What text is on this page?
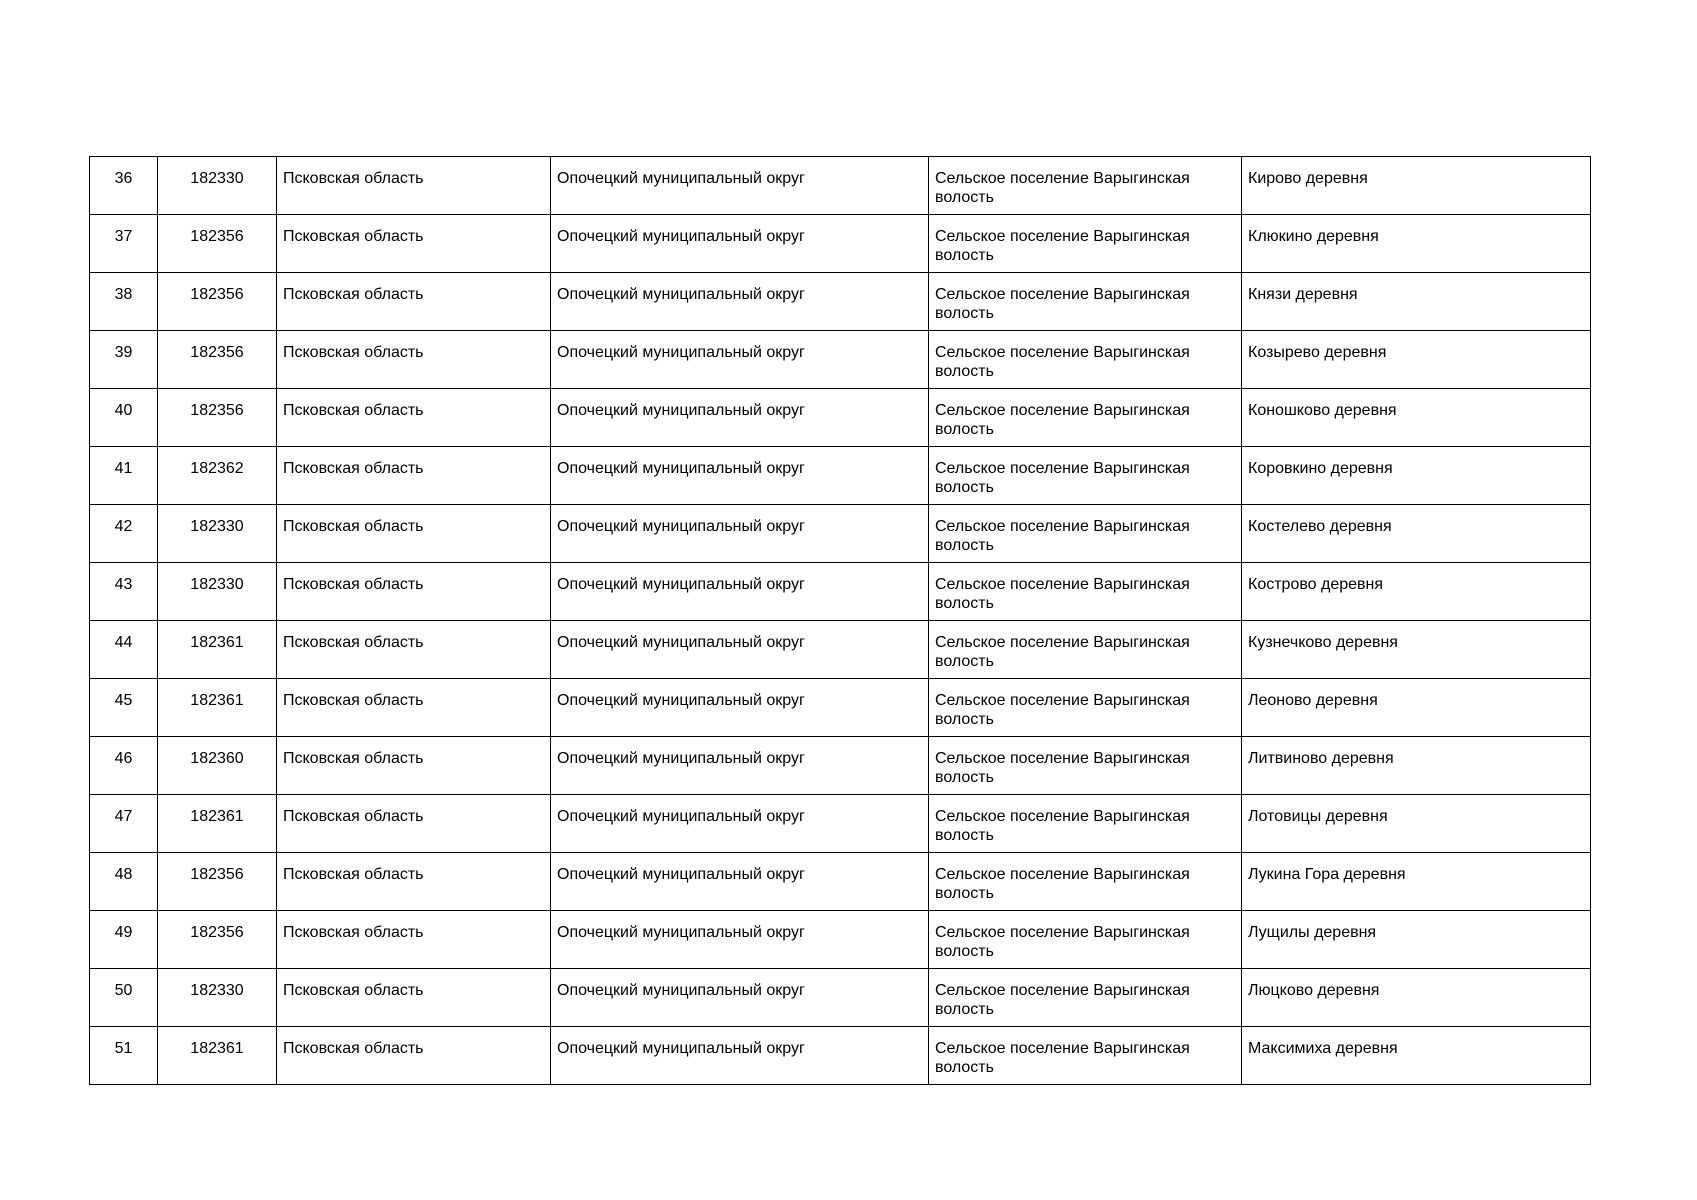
36	182330	Псковская область	Опочецкий муниципальный округ	Сельское поселение Варыгинская волость	Кирово деревня
37	182356	Псковская область	Опочецкий муниципальный округ	Сельское поселение Варыгинская волость	Клюкино деревня
38	182356	Псковская область	Опочецкий муниципальный округ	Сельское поселение Варыгинская волость	Князи деревня
39	182356	Псковская область	Опочецкий муниципальный округ	Сельское поселение Варыгинская волость	Козырево деревня
40	182356	Псковская область	Опочецкий муниципальный округ	Сельское поселение Варыгинская волость	Коношково деревня
41	182362	Псковская область	Опочецкий муниципальный округ	Сельское поселение Варыгинская волость	Коровкино деревня
42	182330	Псковская область	Опочецкий муниципальный округ	Сельское поселение Варыгинская волость	Костелево деревня
43	182330	Псковская область	Опочецкий муниципальный округ	Сельское поселение Варыгинская волость	Кострово деревня
44	182361	Псковская область	Опочецкий муниципальный округ	Сельское поселение Варыгинская волость	Кузнечково деревня
45	182361	Псковская область	Опочецкий муниципальный округ	Сельское поселение Варыгинская волость	Леоново деревня
46	182360	Псковская область	Опочецкий муниципальный округ	Сельское поселение Варыгинская волость	Литвиново деревня
47	182361	Псковская область	Опочецкий муниципальный округ	Сельское поселение Варыгинская волость	Лотовицы деревня
48	182356	Псковская область	Опочецкий муниципальный округ	Сельское поселение Варыгинская волость	Лукина Гора деревня
49	182356	Псковская область	Опочецкий муниципальный округ	Сельское поселение Варыгинская волость	Лущилы деревня
50	182330	Псковская область	Опочецкий муниципальный округ	Сельское поселение Варыгинская волость	Люцково деревня
51	182361	Псковская область	Опочецкий муниципальный округ	Сельское поселение Варыгинская волость	Максимиха деревня
